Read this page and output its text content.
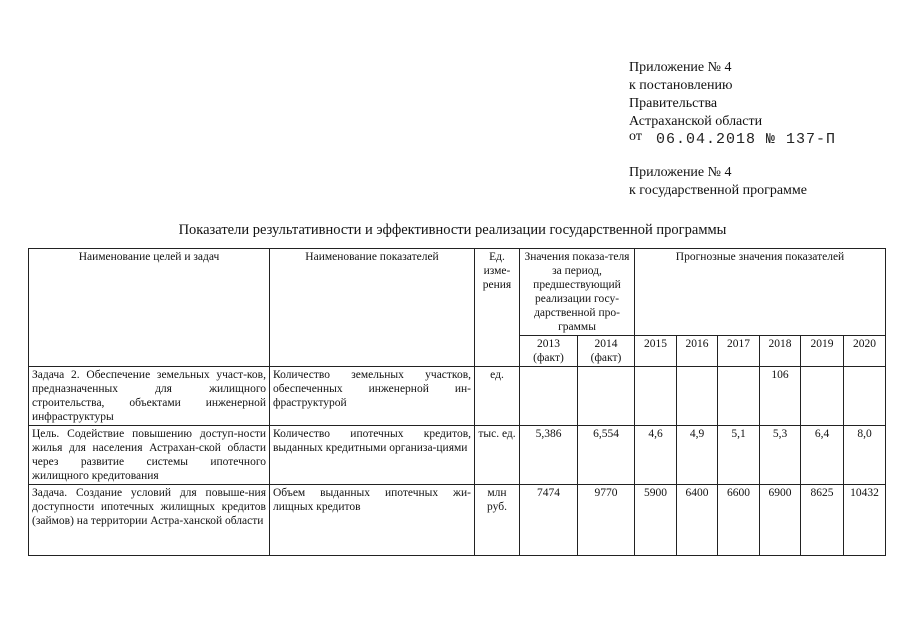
Приложение № 4
к постановлению
Правительства
Астраханской области
от 06.04.2018 № 137-П
Приложение № 4
к государственной программе
Показатели результативности и эффективности реализации государственной программы
Наименование целей и задач	Наименование показателей	Ед. изме-рения	Значения показа-теля за период, предшествующий реализации госу-дарственной про-граммы		Прогнозные значения показателей					
			2013 (факт)	2014 (факт)	2015	2016	2017	2018	2019	2020
Задача 2. Обеспечение земельных участ-ков, предназначенных для жилищного строительства, объектами инженерной инфраструктуры	Количество земельных участков, обеспеченных инженерной ин-фраструктурой	ед.						106		
Цель. Содействие повышению доступ-ности жилья для населения Астрахан-ской области через развитие системы ипотечного жилищного кредитования	Количество ипотечных кредитов, выданных кредитными организа-циями	тыс. ед.	5,386	6,554	4,6	4,9	5,1	5,3	6,4	8,0
Задача. Создание условий для повыше-ния доступности ипотечных жилищных кредитов (займов) на территории Астра-ханской области	Объем выданных ипотечных жи-лищных кредитов	млн руб.	7474	9770	5900	6400	6600	6900	8625	10432
